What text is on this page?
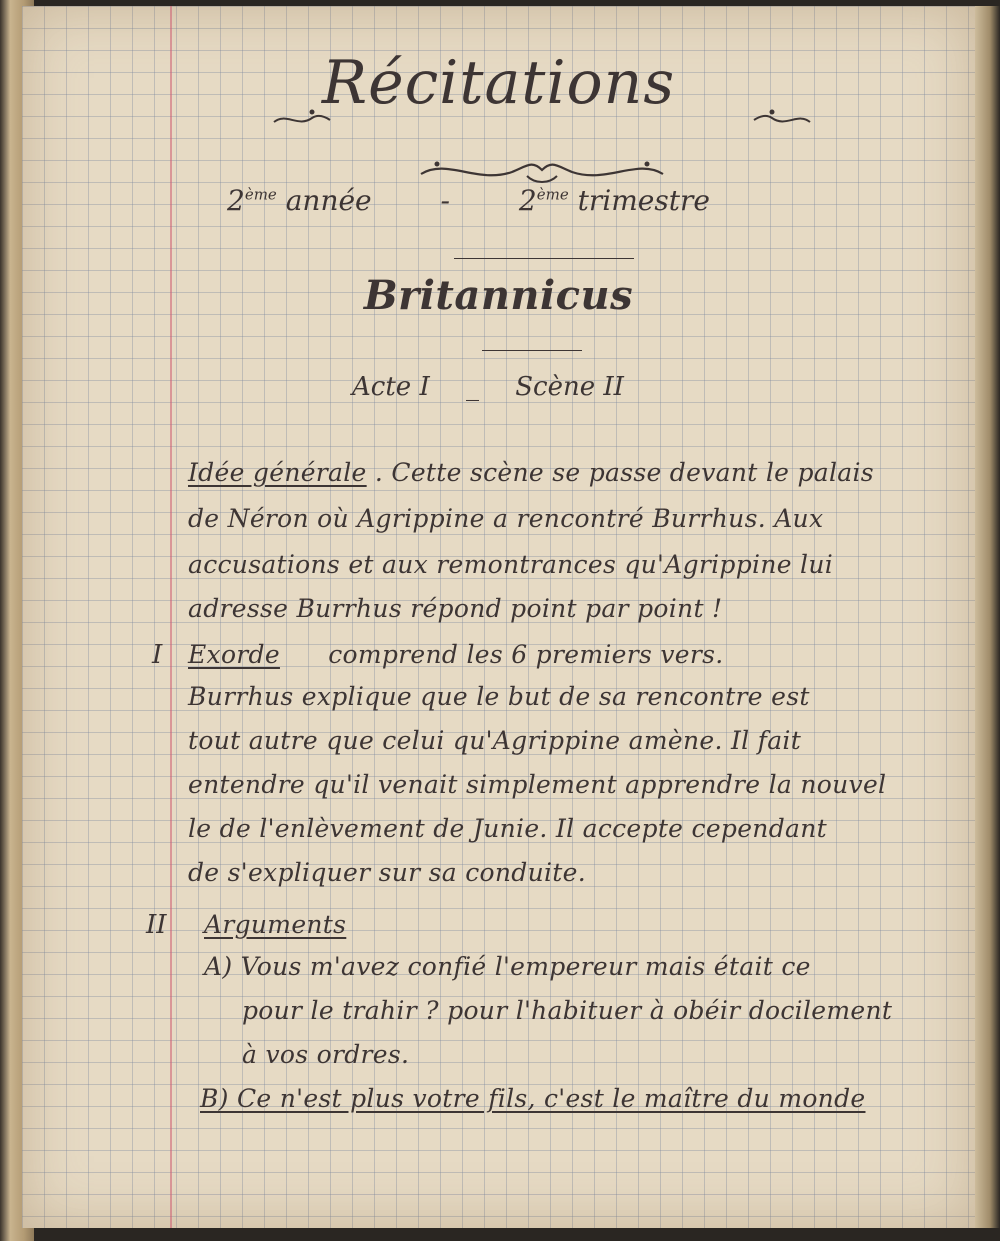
Récitations
2ème année - 2ème trimestre
Britannicus
Acte I _ Scène II
Idée générale . Cette scène se passe devant le palais
de Néron où Agrippine a rencontré Burrhus. Aux
accusations et aux remontrances qu'Agrippine lui
adresse Burrhus répond point par point !
I Exorde comprend les 6 premiers vers.
Burrhus explique que le but de sa rencontre est
tout autre que celui qu'Agrippine amène. Il fait
entendre qu'il venait simplement apprendre la nouvel
le de l'enlèvement de Junie. Il accepte cependant
de s'expliquer sur sa conduite.
II Arguments
A) Vous m'avez confié l'empereur mais était ce
pour le trahir ? pour l'habituer à obéir docilement
à vos ordres.
B) Ce n'est plus votre fils, c'est le maître du monde
